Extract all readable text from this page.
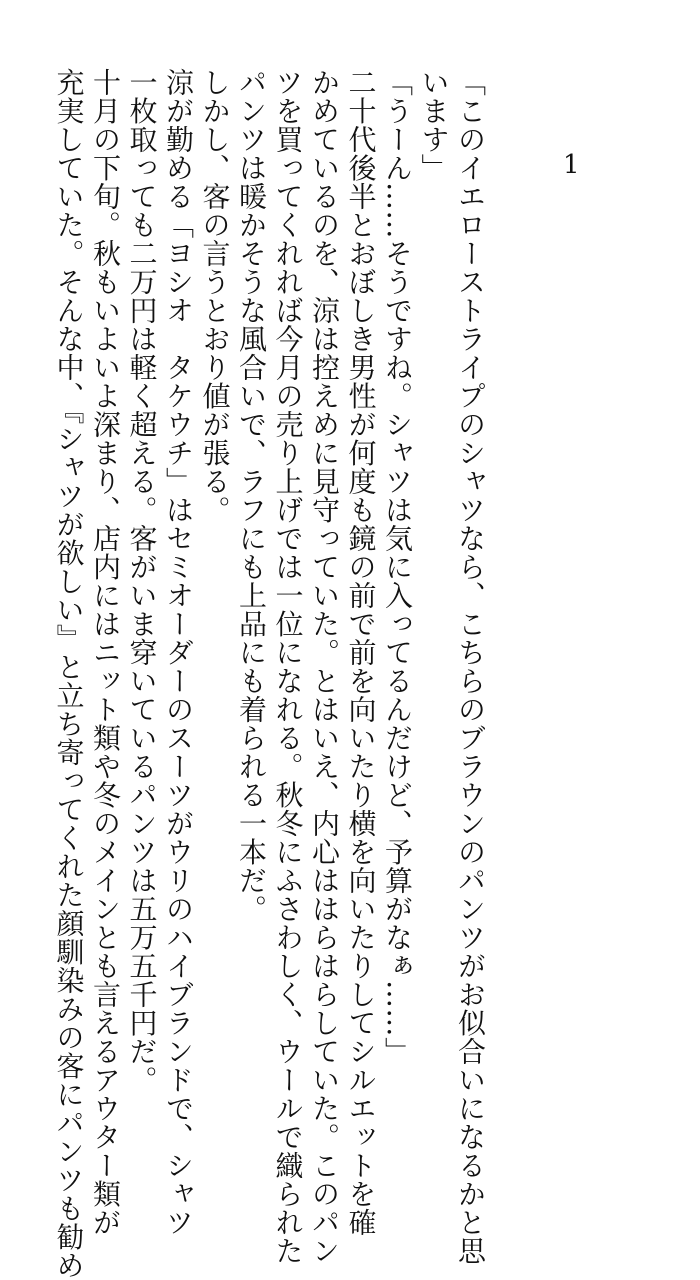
1
「このイエローストライプのシャツなら、こちらのブラウンのパンツがお似合いになるかと思
います」
「うーん……そうですね。シャツは気に入ってるんだけど、予算がなぁ……」
二十代後半とおぼしき男性が何度も鏡の前で前を向いたり横を向いたりしてシルエットを確
かめているのを、涼は控えめに見守っていた。とはいえ、内心ははらはらしていた。このパン
ツを買ってくれれば今月の売り上げでは一位になれる。秋冬にふさわしく、ウールで織られた
パンツは暖かそうな風合いで、ラフにも上品にも着られる一本だ。
しかし、客の言うとおり値が張る。
涼が勤める「ヨシオ　タケウチ」はセミオーダーのスーツがウリのハイブランドで、シャツ
一枚取っても二万円は軽く超える。客がいま穿いているパンツは五万五千円だ。
十月の下旬。秋もいよいよ深まり、店内にはニット類や冬のメインとも言えるアウター類が
充実していた。そんな中、『シャツが欲しい』と立ち寄ってくれた顔馴染みの客にパンツも勧め
